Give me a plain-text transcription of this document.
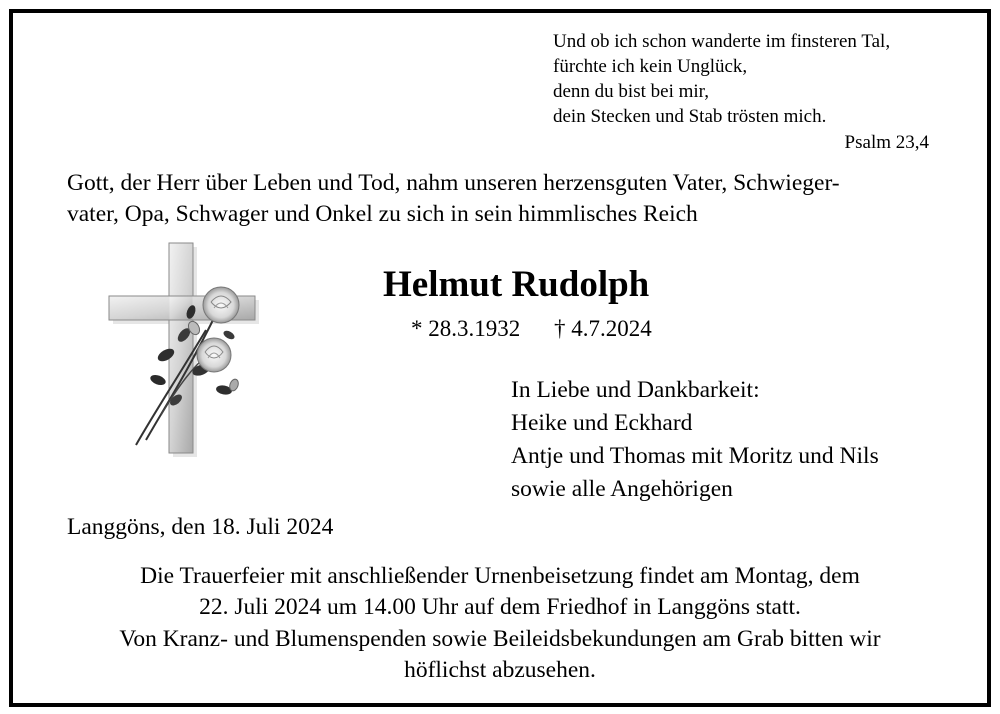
Und ob ich schon wanderte im finsteren Tal,
fürchte ich kein Unglück,
denn du bist bei mir,
dein Stecken und Stab trösten mich.
Psalm 23,4
Gott, der Herr über Leben und Tod, nahm unseren herzensguten Vater, Schwieger-
vater, Opa, Schwager und Onkel zu sich in sein himmlisches Reich
Helmut Rudolph
* 28.3.1932 † 4.7.2024
In Liebe und Dankbarkeit:
Heike und Eckhard
Antje und Thomas mit Moritz und Nils
sowie alle Angehörigen
Langgöns, den 18. Juli 2024
Die Trauerfeier mit anschließender Urnenbeisetzung findet am Montag, dem
22. Juli 2024 um 14.00 Uhr auf dem Friedhof in Langgöns statt.
Von Kranz- und Blumenspenden sowie Beileidsbekundungen am Grab bitten wir
höflichst abzusehen.
